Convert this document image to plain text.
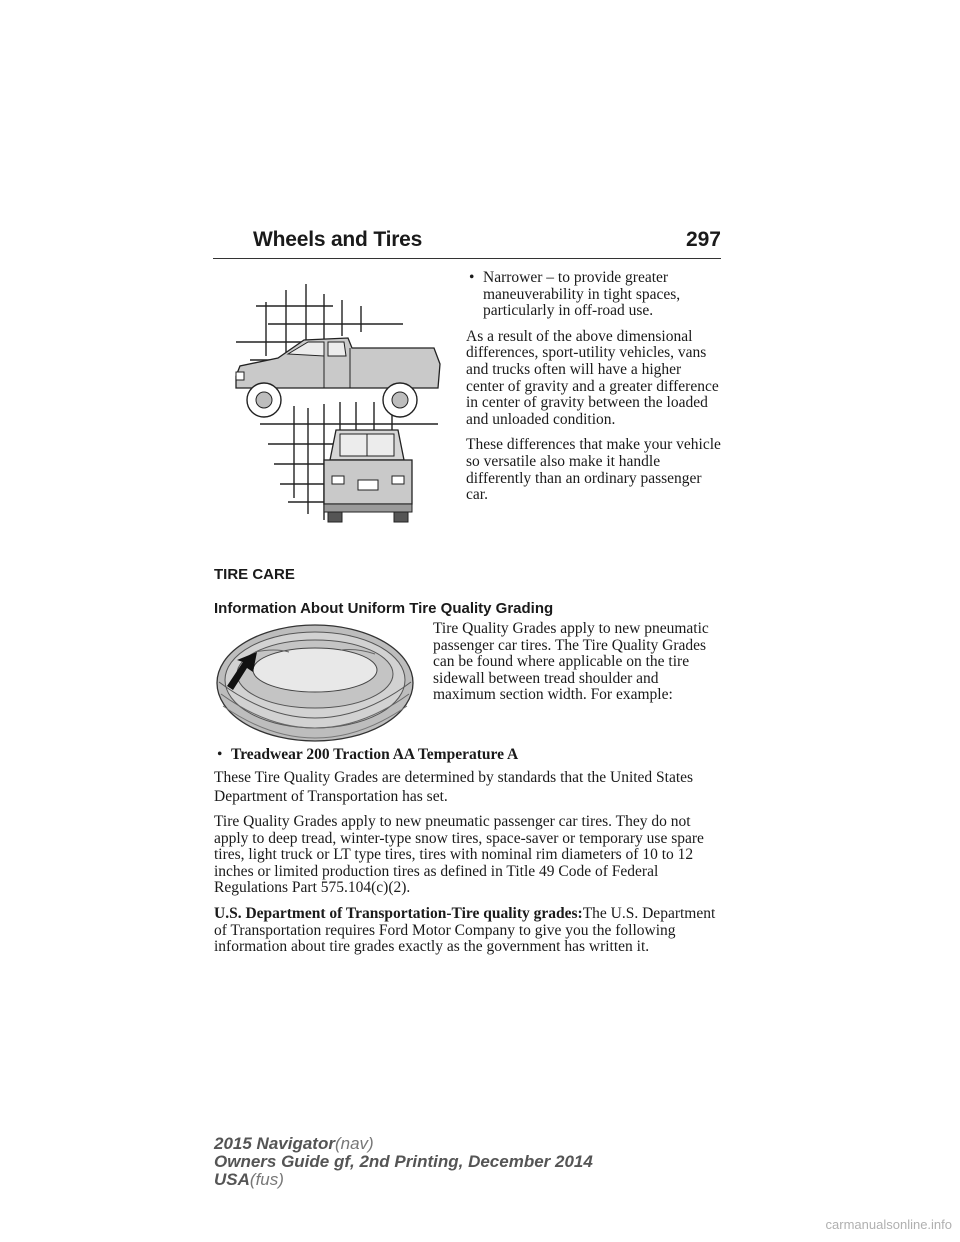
Wheels and Tires	297

• Narrower – to provide greater maneuverability in tight spaces, particularly in off-road use.

As a result of the above dimensional differences, sport-utility vehicles, vans and trucks often will have a higher center of gravity and a greater difference in center of gravity between the loaded and unloaded condition.

These differences that make your vehicle so versatile also make it handle differently than an ordinary passenger car.

TIRE CARE

Information About Uniform Tire Quality Grading

Tire Quality Grades apply to new pneumatic passenger car tires. The Tire Quality Grades can be found where applicable on the tire sidewall between tread shoulder and maximum section width. For example:

• Treadwear 200 Traction AA Temperature A

These Tire Quality Grades are determined by standards that the United States Department of Transportation has set.

Tire Quality Grades apply to new pneumatic passenger car tires. They do not apply to deep tread, winter-type snow tires, space-saver or temporary use spare tires, light truck or LT type tires, tires with nominal rim diameters of 10 to 12 inches or limited production tires as defined in Title 49 Code of Federal Regulations Part 575.104(c)(2).

U.S. Department of Transportation-Tire quality grades:The U.S. Department of Transportation requires Ford Motor Company to give you the following information about tire grades exactly as the government has written it.

2015 Navigator(nav)
Owners Guide gf, 2nd Printing, December 2014
USA(fus)
carmanualsonline.info
